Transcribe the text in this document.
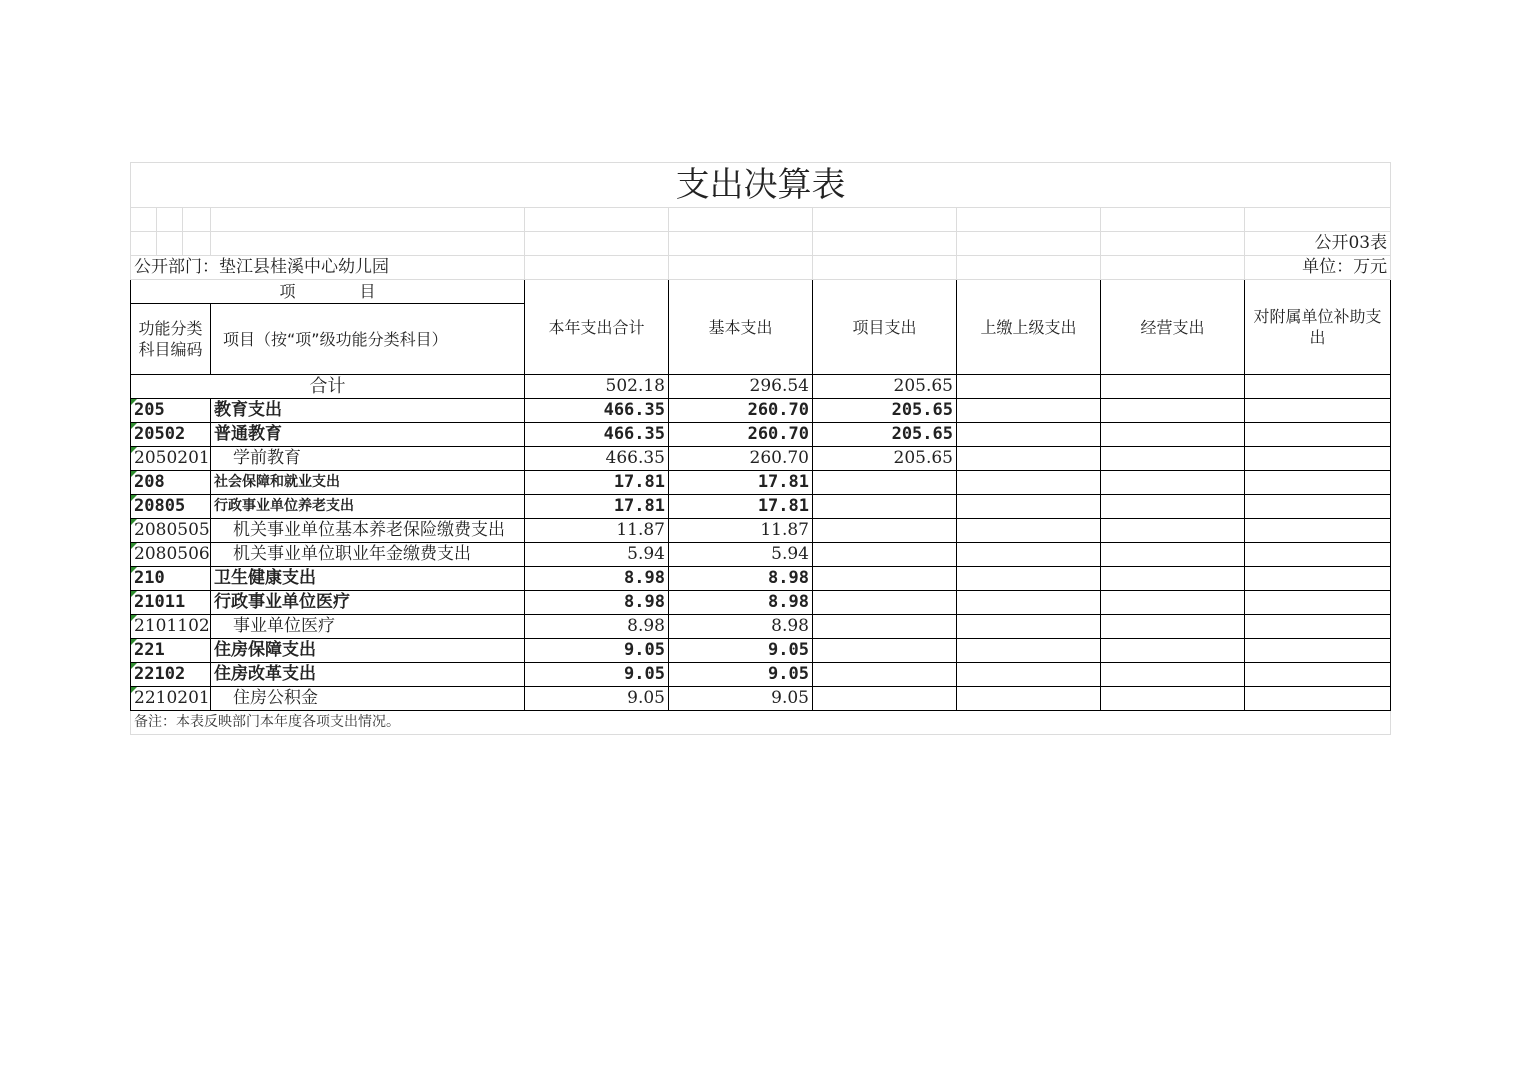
支出决算表									

									公开03表
公开部门：垫江县桂溪中心幼儿园									单位：万元
项　　　　目				本年支出合计	基本支出	项目支出	上缴上级支出	经营支出	对附属单位补助支出
功能分类科目编码			项目（按“项”级功能分类科目）						
合计				502.18	296.54	205.65			
205			教育支出	466.35	260.70	205.65			
20502			普通教育	466.35	260.70	205.65			
2050201			学前教育	466.35	260.70	205.65			
208			社会保障和就业支出	17.81	17.81				
20805			行政事业单位养老支出	17.81	17.81				
2080505			机关事业单位基本养老保险缴费支出	11.87	11.87				
2080506			机关事业单位职业年金缴费支出	5.94	5.94				
210			卫生健康支出	8.98	8.98				
21011			行政事业单位医疗	8.98	8.98				
2101102			事业单位医疗	8.98	8.98				
221			住房保障支出	9.05	9.05				
22102			住房改革支出	9.05	9.05				
2210201			住房公积金	9.05	9.05				
备注：本表反映部门本年度各项支出情况。									
